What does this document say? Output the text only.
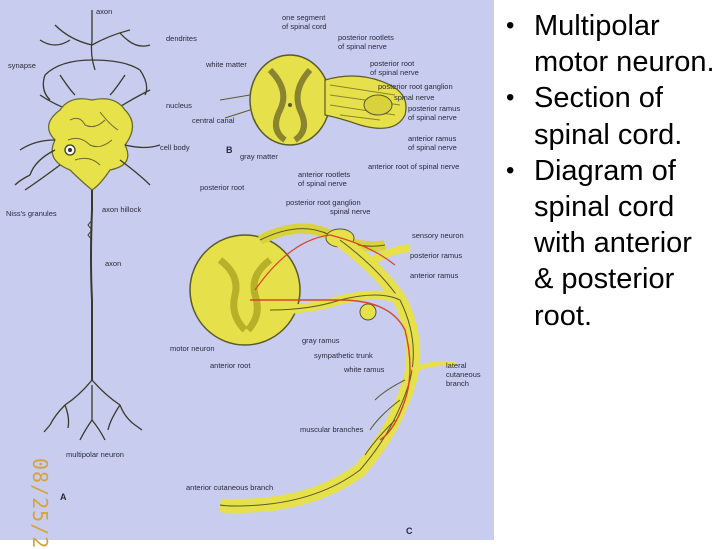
axon
dendrites
synapse
nucleus
cell body
Niss's granules	axon hillock
axon
multipolar neuron
A
one segment
of spinal cord
posterior rootlets
of spinal nerve
white matter	posterior root
of spinal nerve
posterior root ganglion
spinal nerve
posterior ramus
of spinal nerve
central canal
B
gray matter
anterior ramus
of spinal nerve
anterior root of spinal nerve
anterior rootlets
of spinal nerve
posterior root
posterior root ganglion
spinal nerve
sensory neuron
posterior ramus
anterior ramus
gray ramus
motor neuron
sympathetic trunk
anterior root	white ramus	lateral
cutaneous
branch
muscular branches
anterior cutaneous branch
C
08/25/2
• Multipolar motor neuron.
• Section of spinal cord.
• Diagram of spinal cord with anterior & posterior root.
